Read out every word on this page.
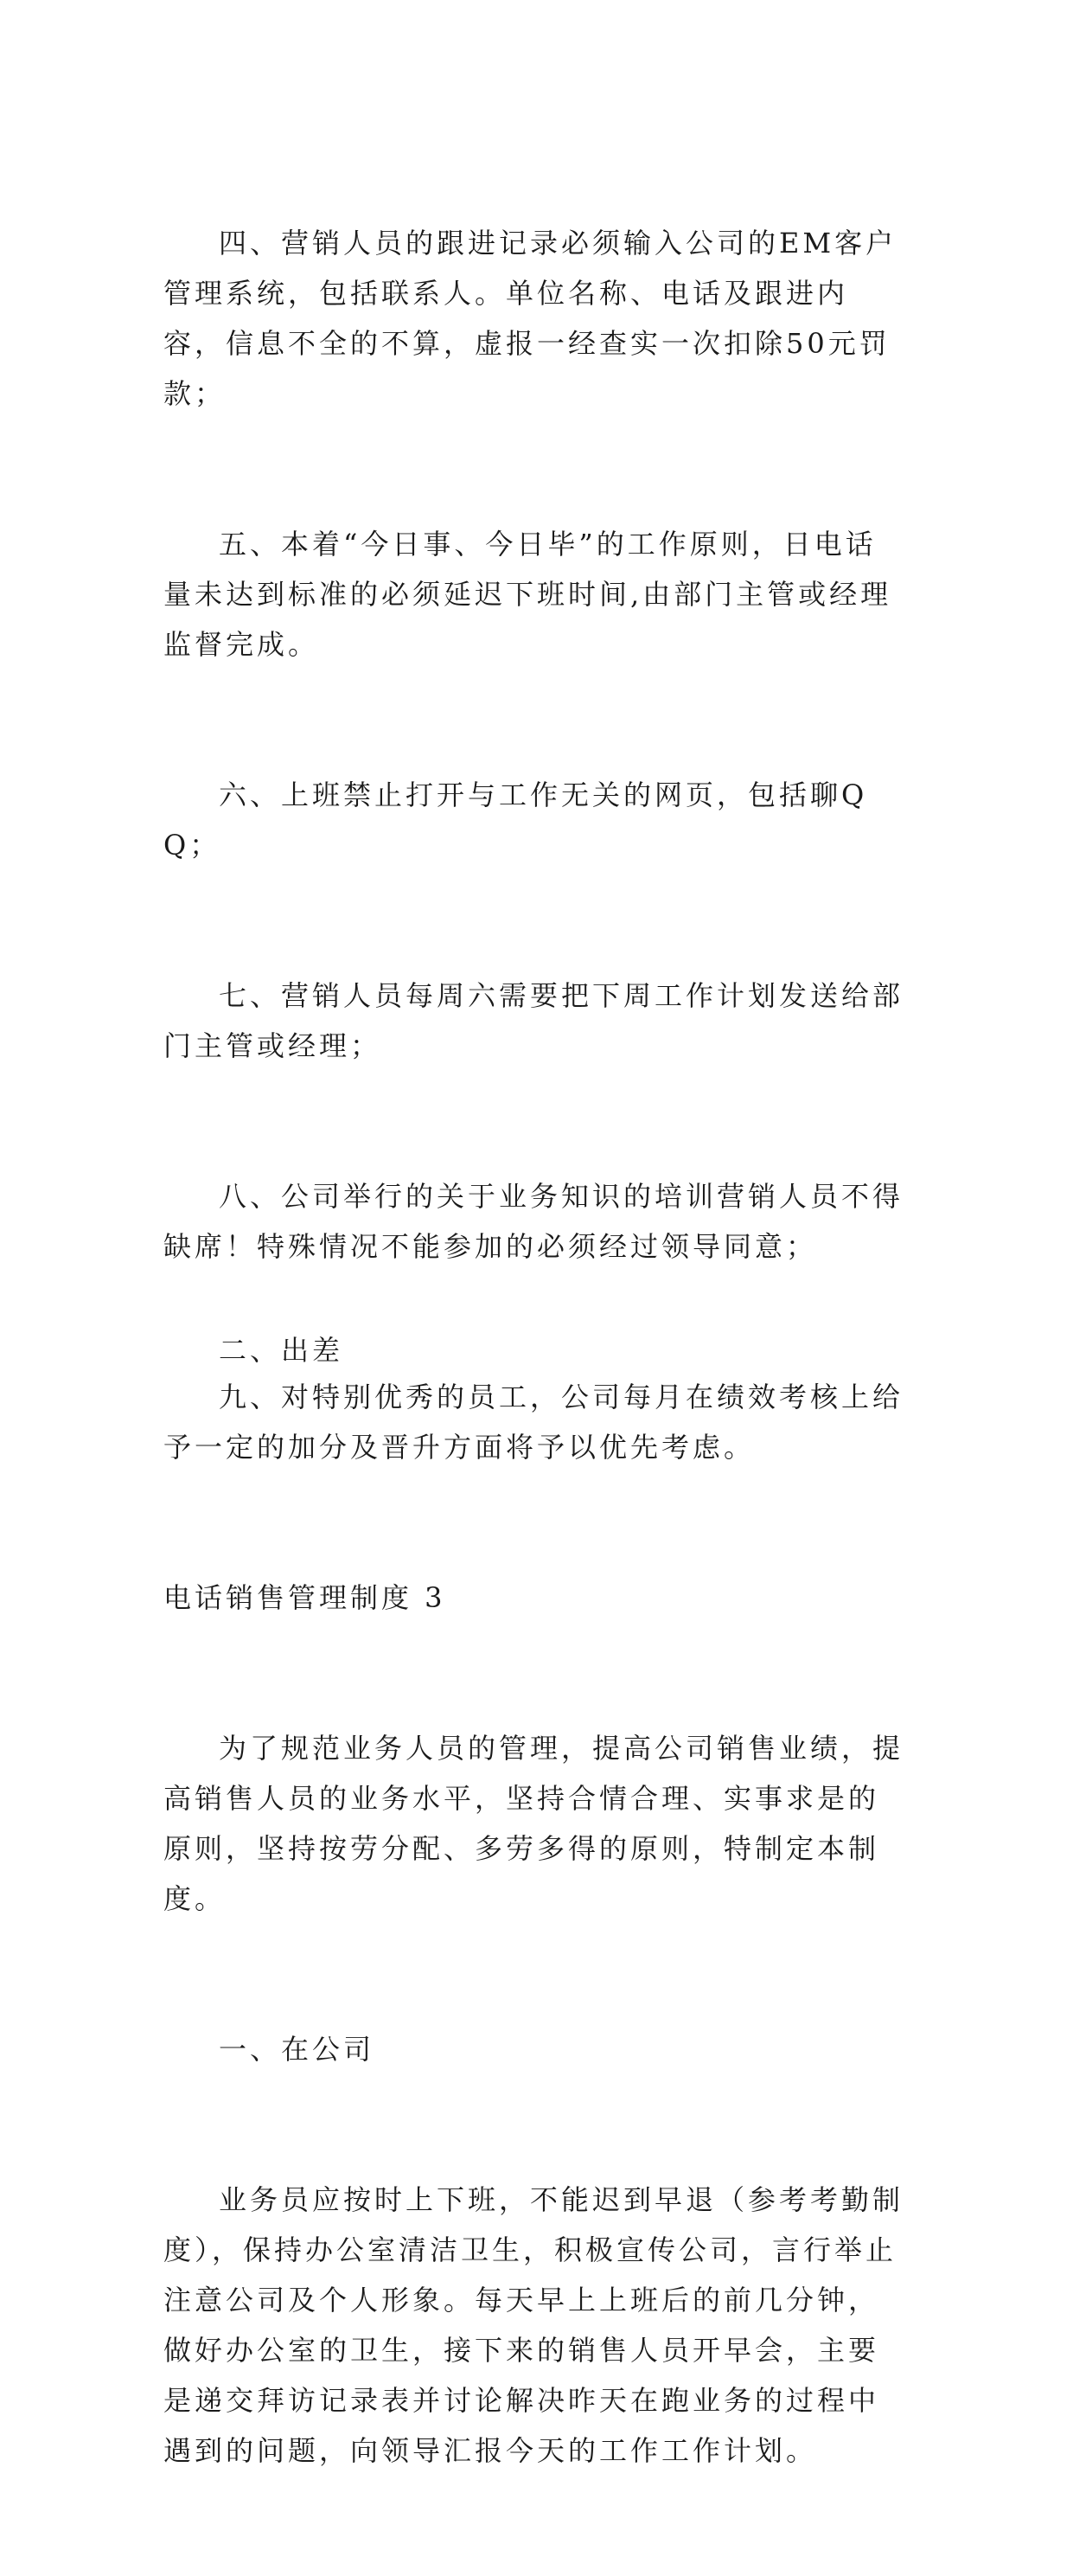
四、营销人员的跟进记录必须输入公司的EM客户管理系统，包括联系人。单位名称、电话及跟进内容，信息不全的不算，虚报一经查实一次扣除50元罚款；

五、本着“今日事、今日毕”的工作原则，日电话量未达到标准的必须延迟下班时间,由部门主管或经理监督完成。

六、上班禁止打开与工作无关的网页，包括聊QQ；

七、营销人员每周六需要把下周工作计划发送给部门主管或经理；

八、公司举行的关于业务知识的培训营销人员不得缺席！特殊情况不能参加的必须经过领导同意；

九、对特别优秀的员工，公司每月在绩效考核上给予一定的加分及晋升方面将予以优先考虑。

电话销售管理制度 3

为了规范业务人员的管理，提高公司销售业绩，提高销售人员的业务水平，坚持合情合理、实事求是的原则，坚持按劳分配、多劳多得的原则，特制定本制度。

一、在公司

业务员应按时上下班，不能迟到早退（参考考勤制度），保持办公室清洁卫生，积极宣传公司，言行举止注意公司及个人形象。每天早上上班后的前几分钟，做好办公室的卫生，接下来的销售人员开早会，主要是递交拜访记录表并讨论解决昨天在跑业务的过程中遇到的问题，向领导汇报今天的工作工作计划。

二、出差
